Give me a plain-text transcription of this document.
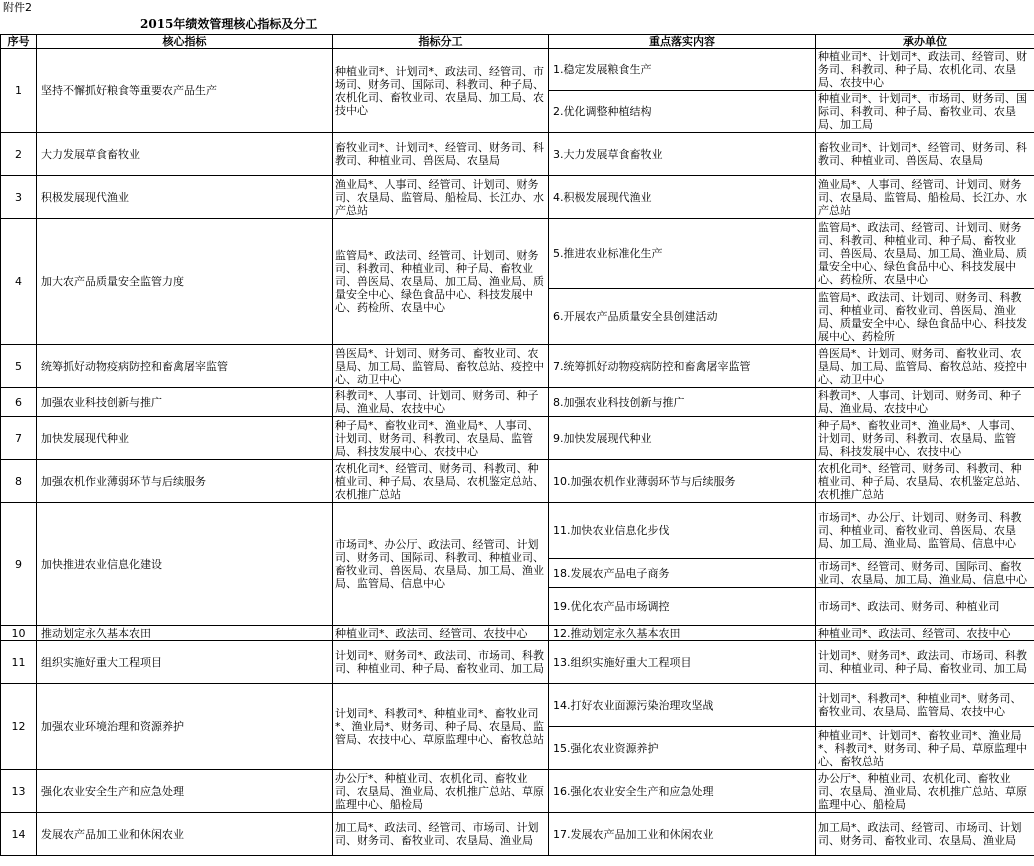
附件2
2015年绩效管理核心指标及分工
序号	核心指标	指标分工	重点落实内容	承办单位
1	坚持不懈抓好粮食等重要农产品生产	种植业司*、计划司*、政法司、经管司、市场司、财务司、国际司、科教司、种子局、农机化司、畜牧业司、农垦局、加工局、农技中心	1.稳定发展粮食生产	种植业司*、计划司*、政法司、经管司、财务司、科教司、种子局、农机化司、农垦局、农技中心
			2.优化调整种植结构	种植业司*、计划司*、市场司、财务司、国际司、科教司、种子局、畜牧业司、农垦局、加工局
2	大力发展草食畜牧业	畜牧业司*、计划司*、经管司、财务司、科教司、种植业司、兽医局、农垦局	3.大力发展草食畜牧业	畜牧业司*、计划司*、经管司、财务司、科教司、种植业司、兽医局、农垦局
3	积极发展现代渔业	渔业局*、人事司、经管司、计划司、财务司、农垦局、监管局、船检局、长江办、水产总站	4.积极发展现代渔业	渔业局*、人事司、经管司、计划司、财务司、农垦局、监管局、船检局、长江办、水产总站
4	加大农产品质量安全监管力度	监管局*、政法司、经管司、计划司、财务司、科教司、种植业司、种子局、畜牧业司、兽医局、农垦局、加工局、渔业局、质量安全中心、绿色食品中心、科技发展中心、药检所、农垦中心	5.推进农业标准化生产	监管局*、政法司、经管司、计划司、财务司、科教司、种植业司、种子局、畜牧业司、兽医局、农垦局、加工局、渔业局、质量安全中心、绿色食品中心、科技发展中心、药检所、农垦中心
			6.开展农产品质量安全县创建活动	监管局*、政法司、计划司、财务司、科教司、种植业司、畜牧业司、兽医局、渔业局、质量安全中心、绿色食品中心、科技发展中心、药检所
5	统筹抓好动物疫病防控和畜禽屠宰监管	兽医局*、计划司、财务司、畜牧业司、农垦局、加工局、监管局、畜牧总站、疫控中心、动卫中心	7.统筹抓好动物疫病防控和畜禽屠宰监管	兽医局*、计划司、财务司、畜牧业司、农垦局、加工局、监管局、畜牧总站、疫控中心、动卫中心
6	加强农业科技创新与推广	科教司*、人事司、计划司、财务司、种子局、渔业局、农技中心	8.加强农业科技创新与推广	科教司*、人事司、计划司、财务司、种子局、渔业局、农技中心
7	加快发展现代种业	种子局*、畜牧业司*、渔业局*、人事司、计划司、财务司、科教司、农垦局、监管局、科技发展中心、农技中心	9.加快发展现代种业	种子局*、畜牧业司*、渔业局*、人事司、计划司、财务司、科教司、农垦局、监管局、科技发展中心、农技中心
8	加强农机作业薄弱环节与后续服务	农机化司*、经管司、财务司、科教司、种植业司、种子局、农垦局、农机鉴定总站、农机推广总站	10.加强农机作业薄弱环节与后续服务	农机化司*、经管司、财务司、科教司、种植业司、种子局、农垦局、农机鉴定总站、农机推广总站
9	加快推进农业信息化建设	市场司*、办公厅、政法司、经管司、计划司、财务司、国际司、科教司、种植业司、畜牧业司、兽医局、农垦局、加工局、渔业局、监管局、信息中心	11.加快农业信息化步伐	市场司*、办公厅、计划司、财务司、科教司、种植业司、畜牧业司、兽医局、农垦局、加工局、渔业局、监管局、信息中心
			18.发展农产品电子商务	市场司*、经管司、财务司、国际司、畜牧业司、农垦局、加工局、渔业局、信息中心
			19.优化农产品市场调控	市场司*、政法司、财务司、种植业司
10	推动划定永久基本农田	种植业司*、政法司、经管司、农技中心	12.推动划定永久基本农田	种植业司*、政法司、经管司、农技中心
11	组织实施好重大工程项目	计划司*、财务司*、政法司、市场司、科教司、种植业司、种子局、畜牧业司、加工局	13.组织实施好重大工程项目	计划司*、财务司*、政法司、市场司、科教司、种植业司、种子局、畜牧业司、加工局
12	加强农业环境治理和资源养护	计划司*、科教司*、种植业司*、畜牧业司*、渔业局*、财务司、种子局、农垦局、监管局、农技中心、草原监理中心、畜牧总站	14.打好农业面源污染治理攻坚战	计划司*、科教司*、种植业司*、财务司、畜牧业司、农垦局、监管局、农技中心
			15.强化农业资源养护	种植业司*、计划司*、畜牧业司*、渔业局*、科教司*、财务司、种子局、草原监理中心、畜牧总站
13	强化农业安全生产和应急处理	办公厅*、种植业司、农机化司、畜牧业司、农垦局、渔业局、农机推广总站、草原监理中心、船检局	16.强化农业安全生产和应急处理	办公厅*、种植业司、农机化司、畜牧业司、农垦局、渔业局、农机推广总站、草原监理中心、船检局
14	发展农产品加工业和休闲农业	加工局*、政法司、经管司、市场司、计划司、财务司、畜牧业司、农垦局、渔业局	17.发展农产品加工业和休闲农业	加工局*、政法司、经管司、市场司、计划司、财务司、畜牧业司、农垦局、渔业局
